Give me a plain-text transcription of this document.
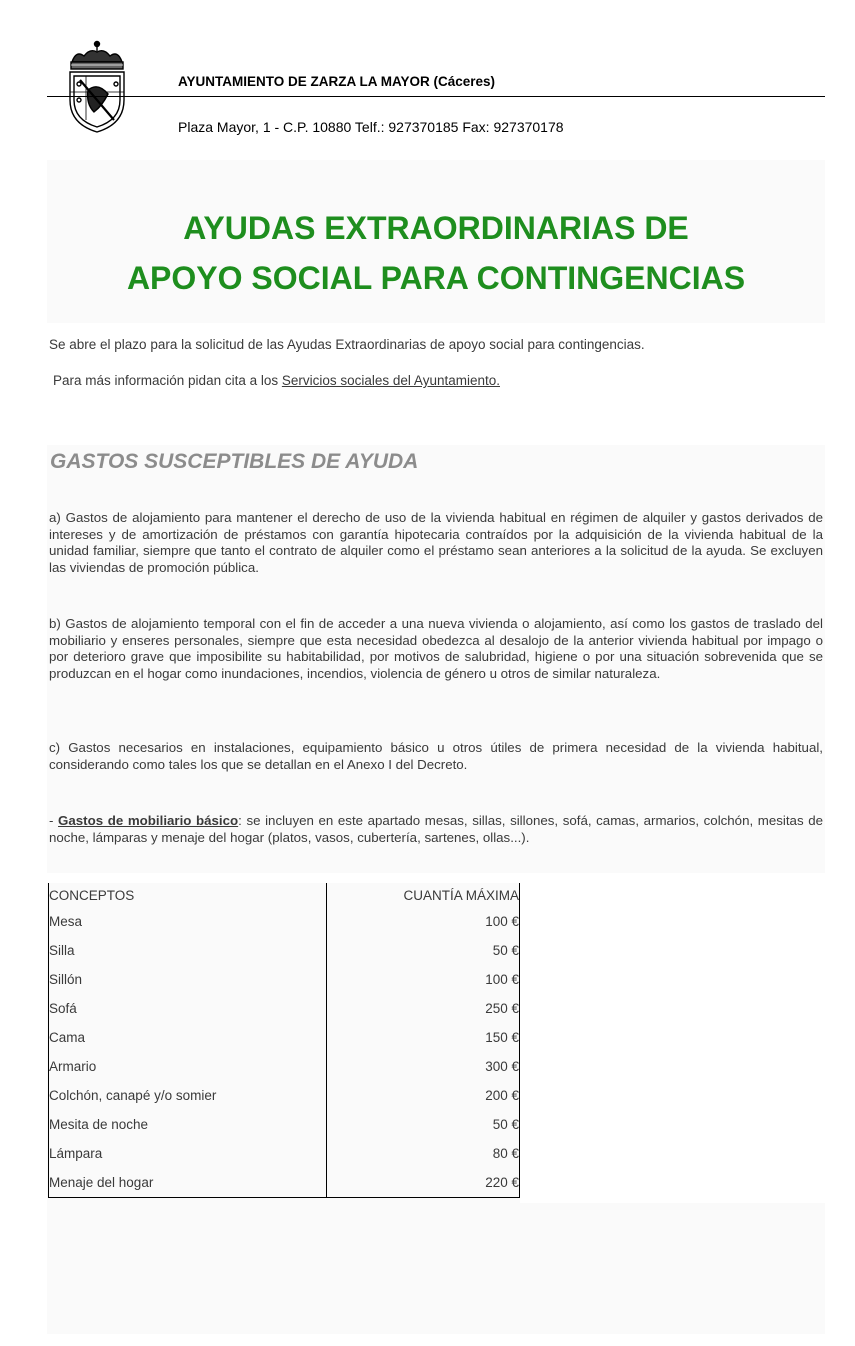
AYUNTAMIENTO DE ZARZA LA MAYOR (Cáceres)
Plaza Mayor, 1 - C.P. 10880 Telf.: 927370185 Fax: 927370178
AYUDAS EXTRAORDINARIAS DE
APOYO SOCIAL PARA CONTINGENCIAS
Se abre el plazo para la solicitud de las Ayudas Extraordinarias de apoyo social para contingencias.
Para más información pidan cita a los Servicios sociales del Ayuntamiento.
GASTOS SUSCEPTIBLES DE AYUDA
a) Gastos de alojamiento para mantener el derecho de uso de la vivienda habitual en régimen de alquiler y gastos derivados de intereses y de amortización de préstamos con garantía hipotecaria contraídos por la adquisición de la vivienda habitual de la unidad familiar, siempre que tanto el contrato de alquiler como el préstamo sean anteriores a la solicitud de la ayuda. Se excluyen las viviendas de promoción pública.
b) Gastos de alojamiento temporal con el fin de acceder a una nueva vivienda o alojamiento, así como los gastos de traslado del mobiliario y enseres personales, siempre que esta necesidad obedezca al desalojo de la anterior vivienda habitual por impago o por deterioro grave que imposibilite su habitabilidad, por motivos de salubridad, higiene o por una situación sobrevenida que se produzcan en el hogar como inundaciones, incendios, violencia de género u otros de similar naturaleza.
c) Gastos necesarios en instalaciones, equipamiento básico u otros útiles de primera necesidad de la vivienda habitual, considerando como tales los que se detallan en el Anexo I del Decreto.
- Gastos de mobiliario básico: se incluyen en este apartado mesas, sillas, sillones, sofá, camas, armarios, colchón, mesitas de noche, lámparas y menaje del hogar (platos, vasos, cubertería, sartenes, ollas...).
CONCEPTOS	CUANTÍA MÁXIMA
Mesa	100 €
Silla	50 €
Sillón	100 €
Sofá	250 €
Cama	150 €
Armario	300 €
Colchón, canapé y/o somier	200 €
Mesita de noche	50 €
Lámpara	80 €
Menaje del hogar	220 €
